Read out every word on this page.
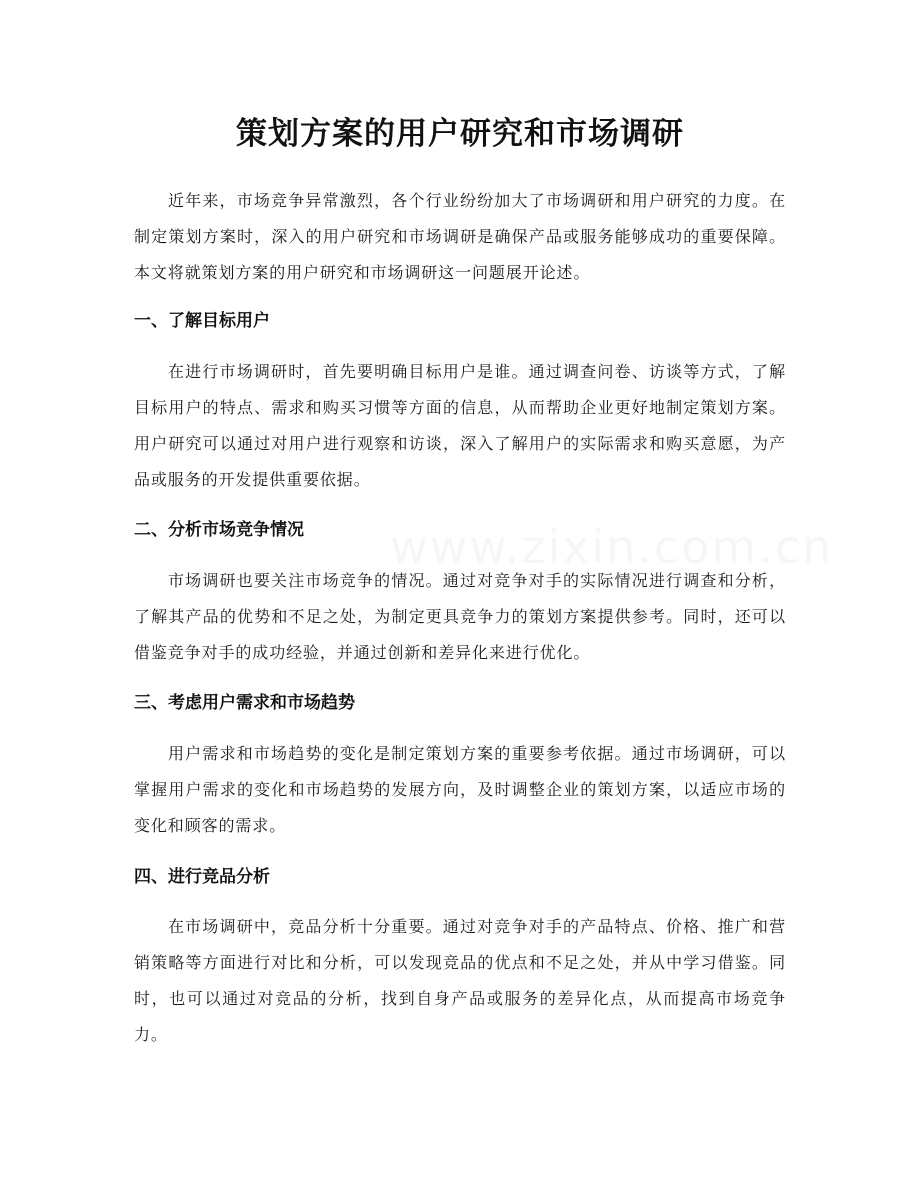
策划方案的用户研究和市场调研

近年来，市场竞争异常激烈，各个行业纷纷加大了市场调研和用户研究的力度。在制定策划方案时，深入的用户研究和市场调研是确保产品或服务能够成功的重要保障。本文将就策划方案的用户研究和市场调研这一问题展开论述。

一、了解目标用户

在进行市场调研时，首先要明确目标用户是谁。通过调查问卷、访谈等方式，了解目标用户的特点、需求和购买习惯等方面的信息，从而帮助企业更好地制定策划方案。用户研究可以通过对用户进行观察和访谈，深入了解用户的实际需求和购买意愿，为产品或服务的开发提供重要依据。

二、分析市场竞争情况

市场调研也要关注市场竞争的情况。通过对竞争对手的实际情况进行调查和分析，了解其产品的优势和不足之处，为制定更具竞争力的策划方案提供参考。同时，还可以借鉴竞争对手的成功经验，并通过创新和差异化来进行优化。

三、考虑用户需求和市场趋势

用户需求和市场趋势的变化是制定策划方案的重要参考依据。通过市场调研，可以掌握用户需求的变化和市场趋势的发展方向，及时调整企业的策划方案，以适应市场的变化和顾客的需求。

四、进行竞品分析

在市场调研中，竞品分析十分重要。通过对竞争对手的产品特点、价格、推广和营销策略等方面进行对比和分析，可以发现竞品的优点和不足之处，并从中学习借鉴。同时，也可以通过对竞品的分析，找到自身产品或服务的差异化点，从而提高市场竞争力。
